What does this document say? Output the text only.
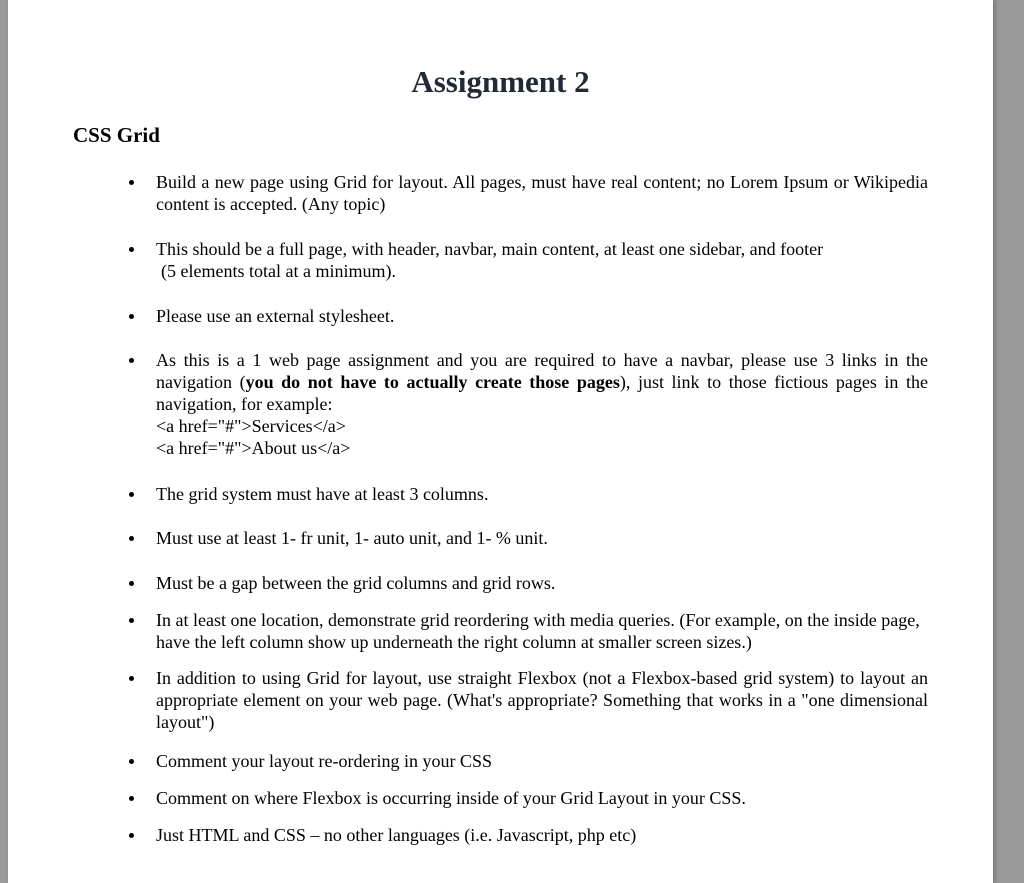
Assignment 2
CSS Grid
Build a new page using Grid for layout. All pages, must have real content; no Lorem Ipsum or Wikipedia content is accepted. (Any topic)
This should be a full page, with header, navbar, main content, at least one sidebar, and footer
(5 elements total at a minimum).
Please use an external stylesheet.
As this is a 1 web page assignment and you are required to have a navbar, please use 3 links in the navigation (you do not have to actually create those pages), just link to those fictious pages in the navigation, for example:
<a href="#">Services</a>
<a href="#">About us</a>
The grid system must have at least 3 columns.
Must use at least 1- fr unit, 1- auto unit, and 1- % unit.
Must be a gap between the grid columns and grid rows.
In at least one location, demonstrate grid reordering with media queries. (For example, on the inside page, have the left column show up underneath the right column at smaller screen sizes.)
In addition to using Grid for layout, use straight Flexbox (not a Flexbox-based grid system) to layout an appropriate element on your web page. (What's appropriate? Something that works in a "one dimensional layout")
Comment your layout re-ordering in your CSS
Comment on where Flexbox is occurring inside of your Grid Layout in your CSS.
Just HTML and CSS – no other languages (i.e. Javascript, php etc)
